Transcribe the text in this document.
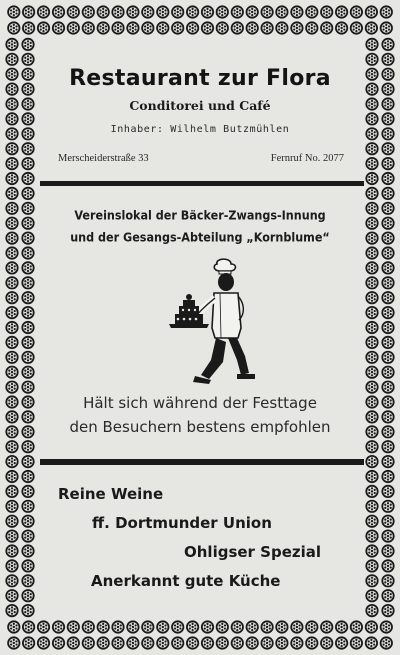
Restaurant zur Flora
Conditorei und Café
Inhaber: Wilhelm Butzmühlen
Merscheiderstraße 33	Fernruf No. 2077
Vereinslokal der Bäcker-Zwangs-Innung
und der Gesangs-Abteilung „Kornblume“
Hält sich während der Festtage
den Besuchern bestens empfohlen
Reine Weine
ff. Dortmunder Union
Ohligser Spezial
Anerkannt gute Küche
